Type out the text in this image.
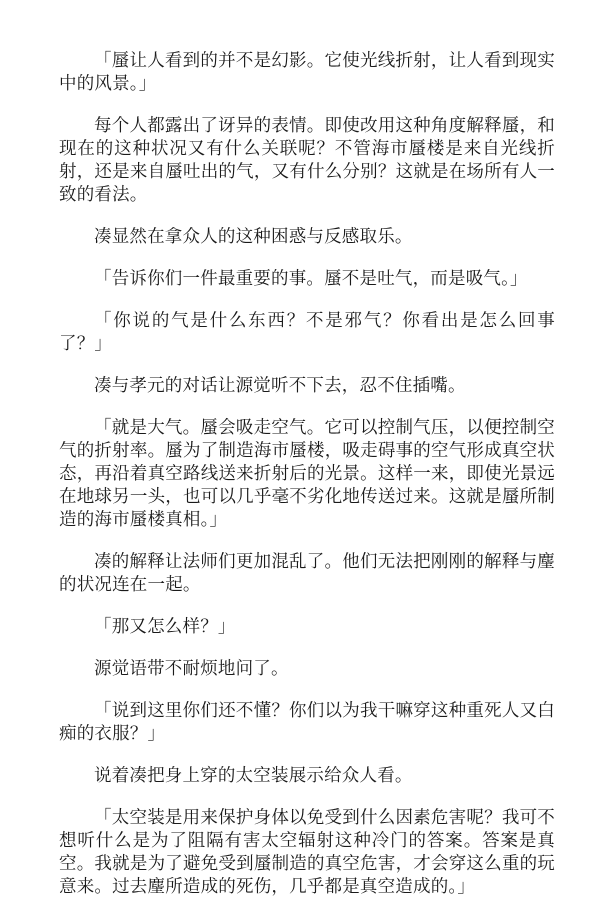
「蜃让人看到的并不是幻影。它使光线折射，让人看到现实中的风景。」

每个人都露出了讶异的表情。即使改用这种角度解释蜃，和现在的这种状况又有什么关联呢？不管海市蜃楼是来自光线折射，还是来自蜃吐出的气，又有什么分别？这就是在场所有人一致的看法。

凑显然在拿众人的这种困惑与反感取乐。

「告诉你们一件最重要的事。蜃不是吐气，而是吸气。」

「你说的气是什么东西？不是邪气？你看出是怎么回事了？」

凑与孝元的对话让源觉听不下去，忍不住插嘴。

「就是大气。蜃会吸走空气。它可以控制气压，以便控制空气的折射率。蜃为了制造海市蜃楼，吸走碍事的空气形成真空状态，再沿着真空路线送来折射后的光景。这样一来，即使光景远在地球另一头，也可以几乎毫不劣化地传送过来。这就是蜃所制造的海市蜃楼真相。」

凑的解释让法师们更加混乱了。他们无法把刚刚的解释与麈的状况连在一起。

「那又怎么样？」

源觉语带不耐烦地问了。

「说到这里你们还不懂？你们以为我干嘛穿这种重死人又白痴的衣服？」

说着凑把身上穿的太空装展示给众人看。

「太空装是用来保护身体以免受到什么因素危害呢？我可不想听什么是为了阻隔有害太空辐射这种冷门的答案。答案是真空。我就是为了避免受到蜃制造的真空危害，才会穿这么重的玩意来。过去麈所造成的死伤，几乎都是真空造成的。」
